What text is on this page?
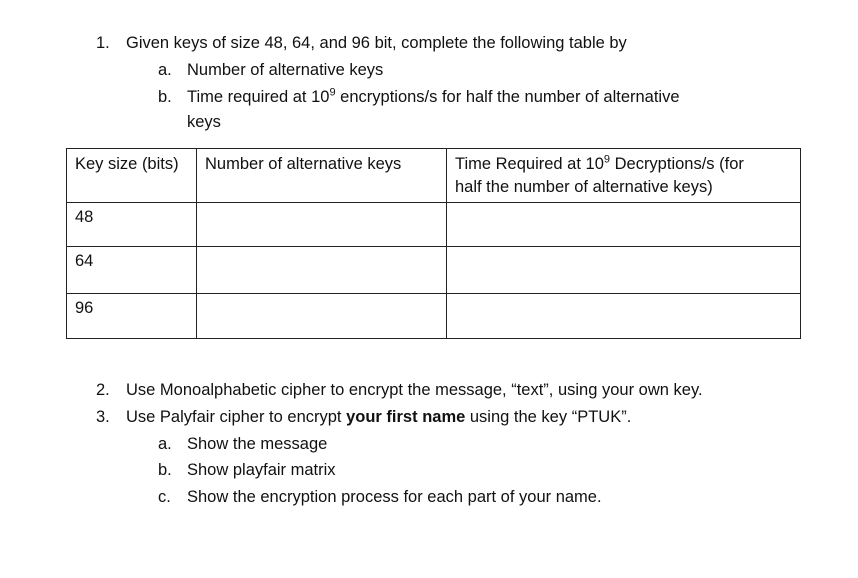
1. Given keys of size 48, 64, and 96 bit, complete the following table by
a. Number of alternative keys
b. Time required at $10^9$ encryptions/s for half the number of alternative
keys
Key size (bits)	Number of alternative keys	Time Required at $10^9$ Decryptions/s (for
half the number of alternative keys)
48		
64		
96		
2. Use Monoalphabetic cipher to encrypt the message, “text”, using your own key.
3. Use Palyfair cipher to encrypt your first name using the key “PTUK”.
a. Show the message
b. Show playfair matrix
c. Show the encryption process for each part of your name.
